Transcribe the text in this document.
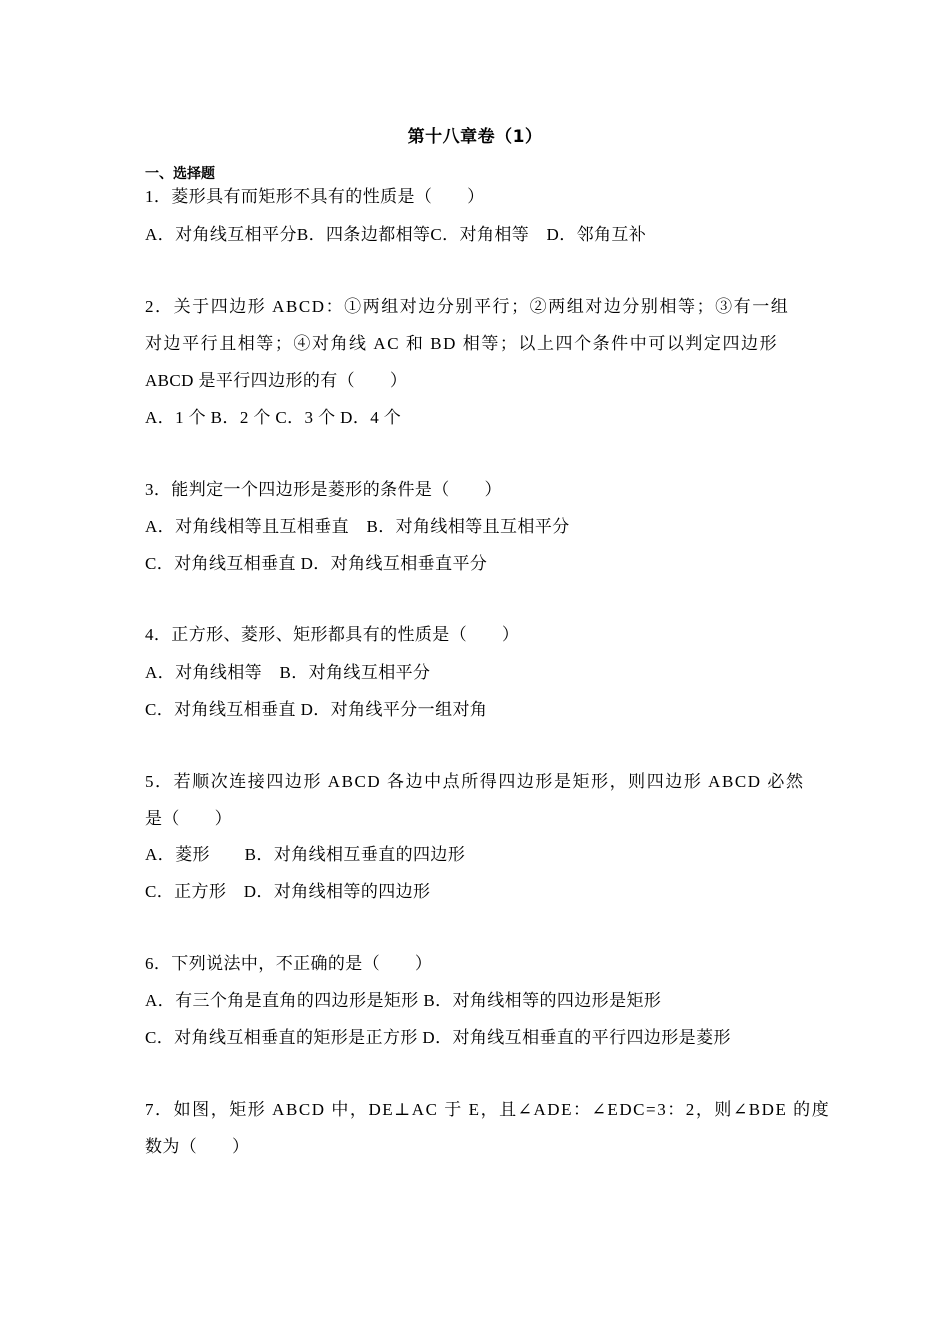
第十八章卷（1）
一、选择题
1．菱形具有而矩形不具有的性质是（　　）
A．对角线互相平分B．四条边都相等C．对角相等　D．邻角互补
2．关于四边形 ABCD：①两组对边分别平行；②两组对边分别相等；③有一组
对边平行且相等；④对角线 AC 和 BD 相等；以上四个条件中可以判定四边形
ABCD 是平行四边形的有（　　）
A．1 个 B．2 个 C．3 个 D．4 个
3．能判定一个四边形是菱形的条件是（　　）
A．对角线相等且互相垂直　B．对角线相等且互相平分
C．对角线互相垂直 D．对角线互相垂直平分
4．正方形、菱形、矩形都具有的性质是（　　）
A．对角线相等　B．对角线互相平分
C．对角线互相垂直 D．对角线平分一组对角
5．若顺次连接四边形 ABCD 各边中点所得四边形是矩形，则四边形 ABCD 必然
是（　　）
A．菱形　　B．对角线相互垂直的四边形
C．正方形　D．对角线相等的四边形
6．下列说法中，不正确的是（　　）
A．有三个角是直角的四边形是矩形 B．对角线相等的四边形是矩形
C．对角线互相垂直的矩形是正方形 D．对角线互相垂直的平行四边形是菱形
7．如图，矩形 ABCD 中，DE⊥AC 于 E，且∠ADE：∠EDC=3：2，则∠BDE 的度
数为（　　）
